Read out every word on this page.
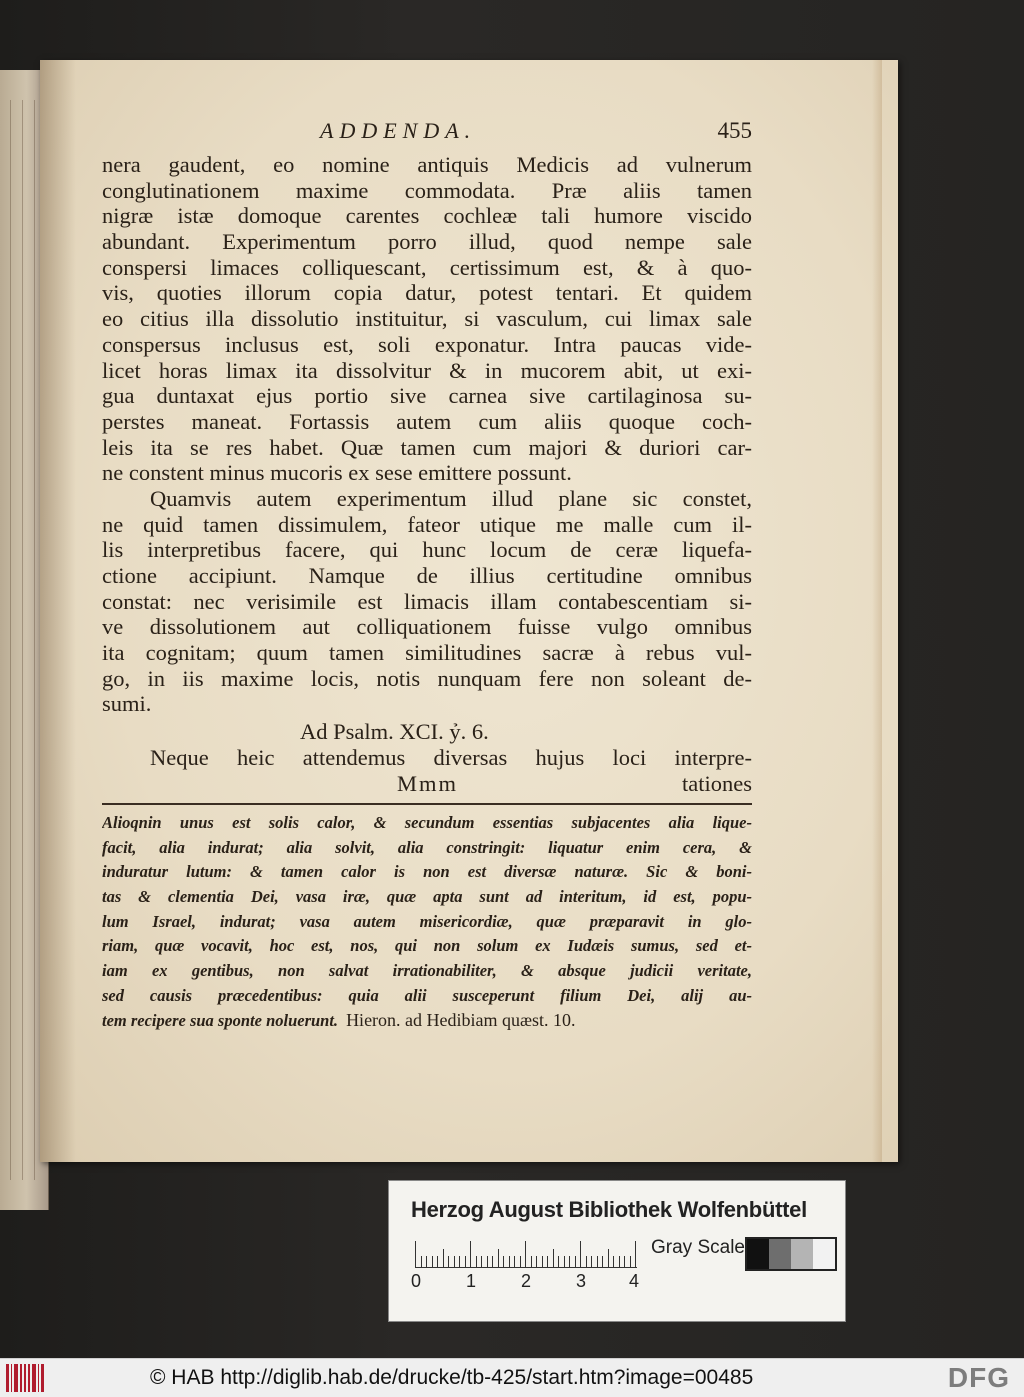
ADDENDA.	455
nera gaudent, eo nomine antiquis Medicis ad vulnerum
conglutinationem maxime commodata. Præ aliis tamen
nigræ istæ domoque carentes cochleæ tali humore viscido
abundant. Experimentum porro illud, quod nempe sale
conspersi limaces colliquescant, certissimum est, & à quo-
vis, quoties illorum copia datur, potest tentari. Et quidem
eo citius illa dissolutio instituitur, si vasculum, cui limax sale
conspersus inclusus est, soli exponatur. Intra paucas vide-
licet horas limax ita dissolvitur & in mucorem abit, ut exi-
gua duntaxat ejus portio sive carnea sive cartilaginosa su-
perstes maneat. Fortassis autem cum aliis quoque coch-
leis ita se res habet. Quæ tamen cum majori & duriori car-
ne constent minus mucoris ex sese emittere possunt.
Quamvis autem experimentum illud plane sic constet,
ne quid tamen dissimulem, fateor utique me malle cum il-
lis interpretibus facere, qui hunc locum de ceræ liquefa-
ctione accipiunt. Namque de illius certitudine omnibus
constat: nec verisimile est limacis illam contabescentiam si-
ve dissolutionem aut colliquationem fuisse vulgo omnibus
ita cognitam; quum tamen similitudines sacræ à rebus vul-
go, in iis maxime locis, notis nunquam fere non soleant de-
sumi.
Ad Psalm. XCI. ỷ. 6.
Neque heic attendemus diversas hujus loci interpre-
Mmm	tationes
Alioqnin unus est solis calor, & secundum essentias subjacentes alia lique-
facit, alia indurat; alia solvit, alia constringit: liquatur enim cera, &
induratur lutum: & tamen calor is non est diversæ naturæ. Sic & boni-
tas & clementia Dei, vasa iræ, quæ apta sunt ad interitum, id est, popu-
lum Israel, indurat; vasa autem misericordiæ, quæ præparavit in glo-
riam, quæ vocavit, hoc est, nos, qui non solum ex Iudæis sumus, sed et-
iam ex gentibus, non salvat irrationabiliter, & absque judicii veritate,
sed causis præcedentibus: quia alii susceperunt filium Dei, alij au-
tem recipere sua sponte noluerunt. Hieron. ad Hedibiam quæst. 10.
Herzog August Bibliothek Wolfenbüttel
0 1 2 3 4
Gray Scale
© HAB http://diglib.hab.de/drucke/tb-425/start.htm?image=00485	DFG
